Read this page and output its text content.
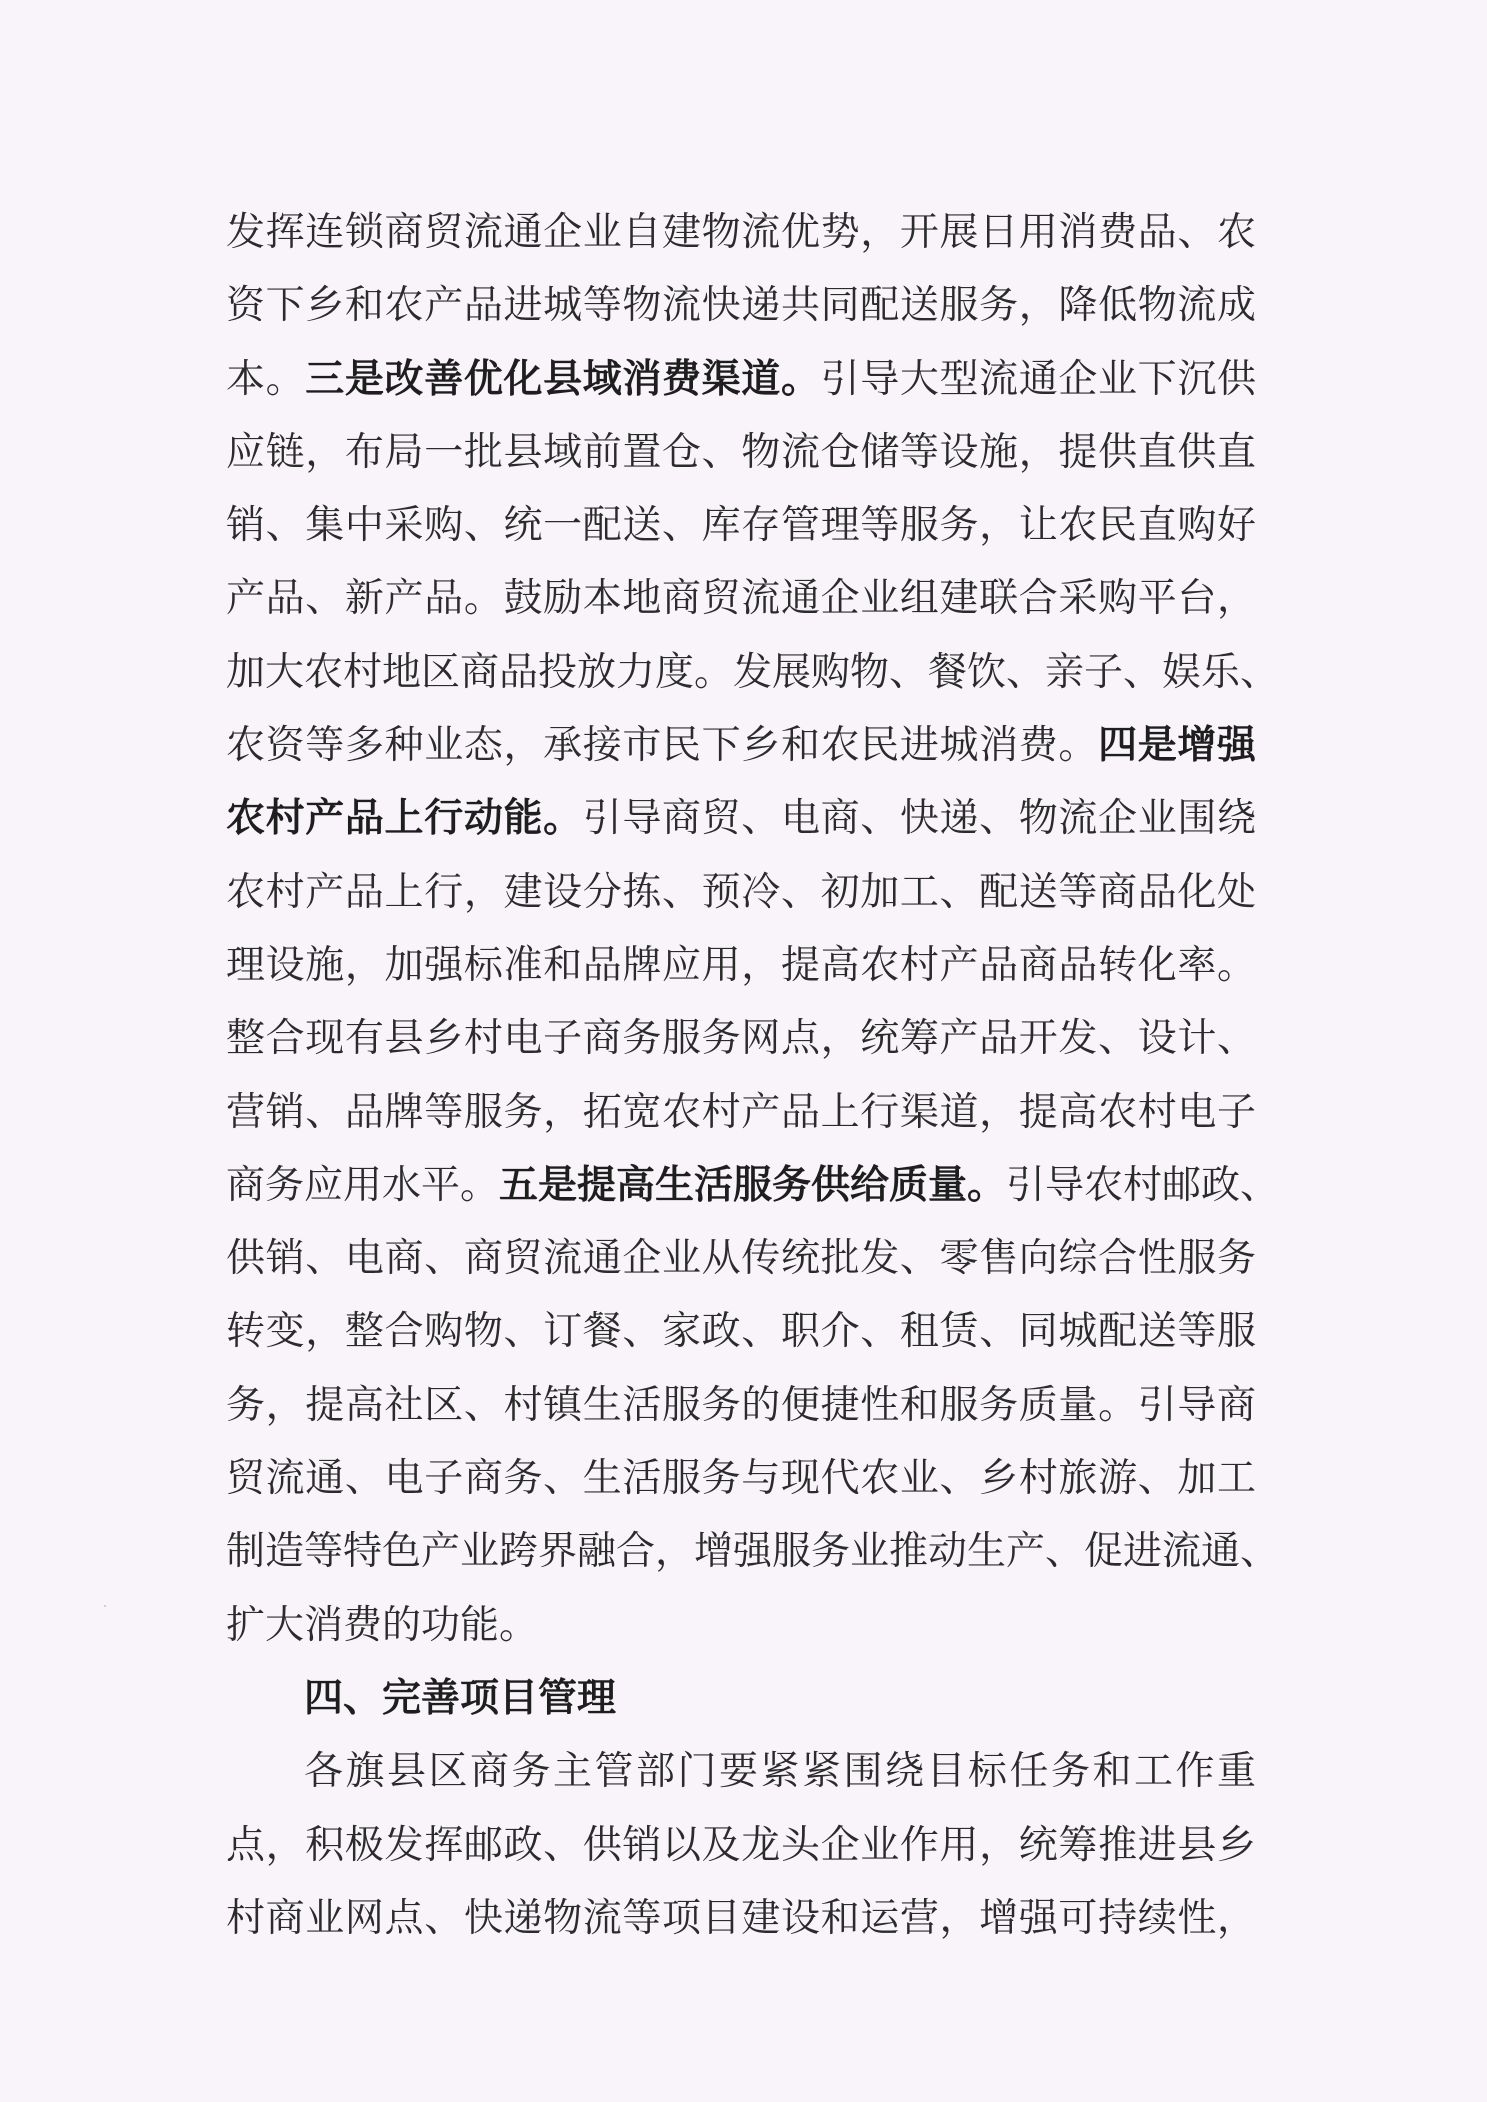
发挥连锁商贸流通企业自建物流优势，开展日用消费品、农
资下乡和农产品进城等物流快递共同配送服务，降低物流成
本。三是改善优化县域消费渠道。引导大型流通企业下沉供
应链，布局一批县域前置仓、物流仓储等设施，提供直供直
销、集中采购、统一配送、库存管理等服务，让农民直购好
产品、新产品。鼓励本地商贸流通企业组建联合采购平台，
加大农村地区商品投放力度。发展购物、餐饮、亲子、娱乐、
农资等多种业态，承接市民下乡和农民进城消费。四是增强
农村产品上行动能。引导商贸、电商、快递、物流企业围绕
农村产品上行，建设分拣、预冷、初加工、配送等商品化处
理设施，加强标准和品牌应用，提高农村产品商品转化率。
整合现有县乡村电子商务服务网点，统筹产品开发、设计、
营销、品牌等服务，拓宽农村产品上行渠道，提高农村电子
商务应用水平。五是提高生活服务供给质量。引导农村邮政、
供销、电商、商贸流通企业从传统批发、零售向综合性服务
转变，整合购物、订餐、家政、职介、租赁、同城配送等服
务，提高社区、村镇生活服务的便捷性和服务质量。引导商
贸流通、电子商务、生活服务与现代农业、乡村旅游、加工
制造等特色产业跨界融合，增强服务业推动生产、促进流通、
扩大消费的功能。
四、完善项目管理
各旗县区商务主管部门要紧紧围绕目标任务和工作重
点，积极发挥邮政、供销以及龙头企业作用，统筹推进县乡
村商业网点、快递物流等项目建设和运营，增强可持续性，
